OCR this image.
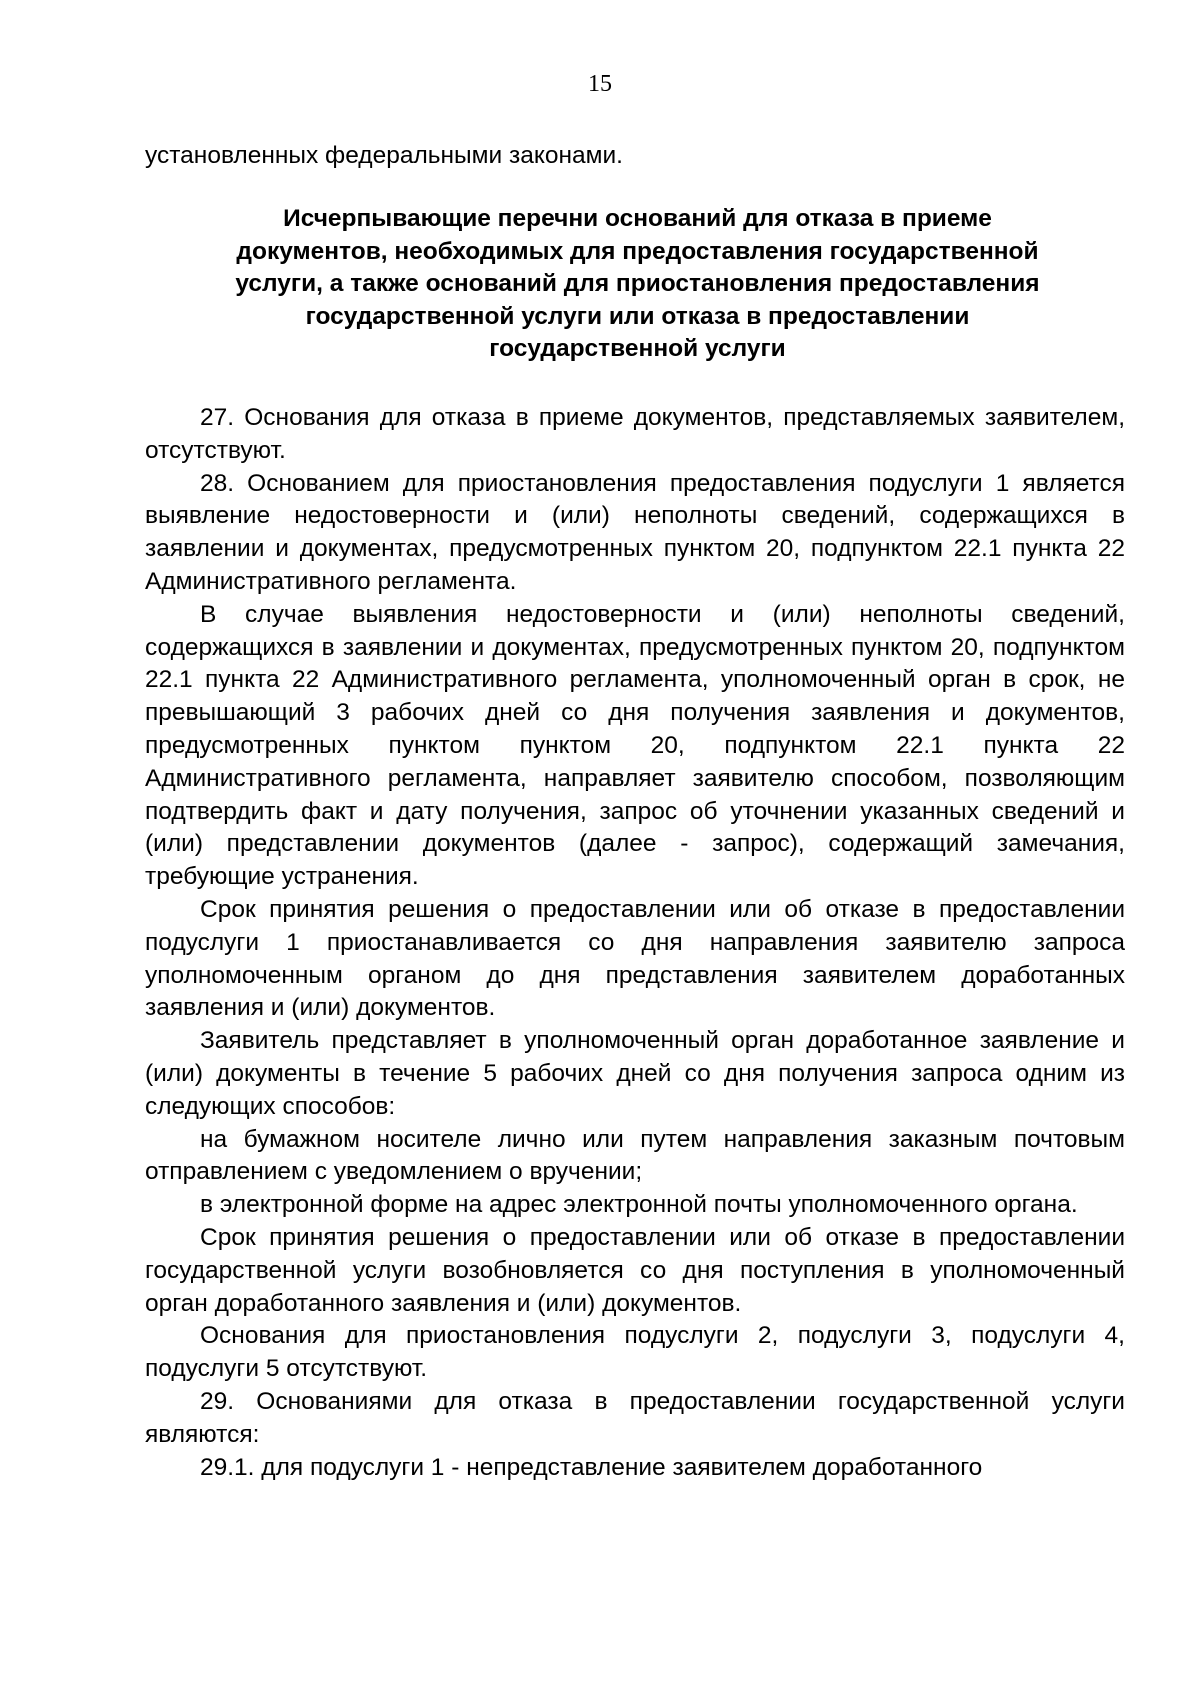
15
установленных федеральными законами.
Исчерпывающие перечни оснований для отказа в приеме
документов, необходимых для предоставления государственной
услуги, а также оснований для приостановления предоставления
государственной услуги или отказа в предоставлении
государственной услуги

27. Основания для отказа в приеме документов, представляемых заявителем, отсутствуют.

28. Основанием для приостановления предоставления подуслуги 1 является выявление недостоверности и (или) неполноты сведений, содержащихся в заявлении и документах, предусмотренных пунктом 20, подпунктом 22.1 пункта 22 Административного регламента.

В случае выявления недостоверности и (или) неполноты сведений, содержащихся в заявлении и документах, предусмотренных пунктом 20, подпунктом 22.1 пункта 22 Административного регламента, уполномоченный орган в срок, не превышающий 3 рабочих дней со дня получения заявления и документов, предусмотренных пунктом пунктом 20, подпунктом 22.1 пункта 22 Административного регламента, направляет заявителю способом, позволяющим подтвердить факт и дату получения, запрос об уточнении указанных сведений и (или) представлении документов (далее - запрос), содержащий замечания, требующие устранения.

Срок принятия решения о предоставлении или об отказе в предоставлении подуслуги 1 приостанавливается со дня направления заявителю запроса уполномоченным органом до дня представления заявителем доработанных заявления и (или) документов.

Заявитель представляет в уполномоченный орган доработанное заявление и (или) документы в течение 5 рабочих дней со дня получения запроса одним из следующих способов:

на бумажном носителе лично или путем направления заказным почтовым отправлением с уведомлением о вручении;

в электронной форме на адрес электронной почты уполномоченного органа.

Срок принятия решения о предоставлении или об отказе в предоставлении государственной услуги возобновляется со дня поступления в уполномоченный орган доработанного заявления и (или) документов.

Основания для приостановления подуслуги 2, подуслуги 3, подуслуги 4, подуслуги 5 отсутствуют.

29. Основаниями для отказа в предоставлении государственной услуги являются:

29.1. для подуслуги 1 - непредставление заявителем доработанного
